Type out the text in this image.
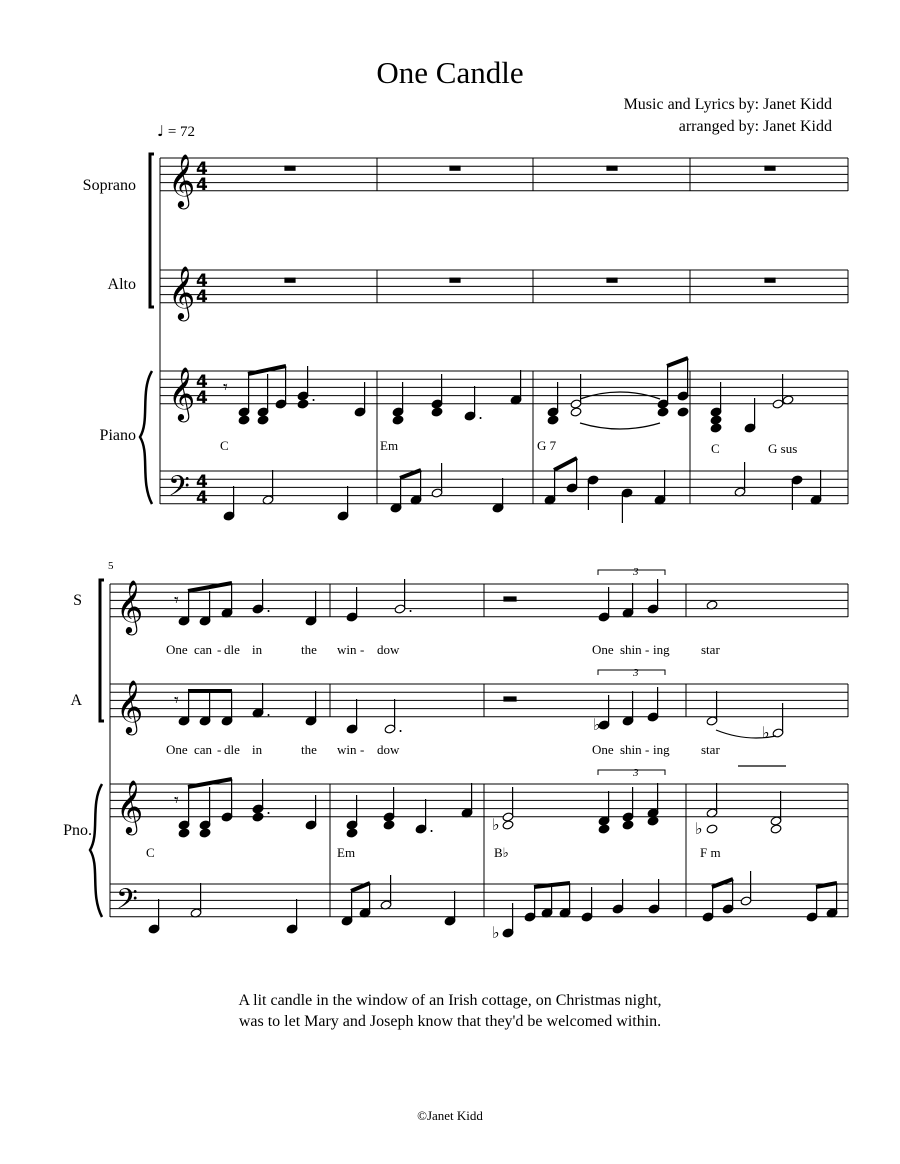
One Candle
Music and Lyrics by: Janet Kidd
arranged by: Janet Kidd
♩ = 72
Soprano
Alto
Piano
C	Em	G 7	C	G sus
5
S
A
Pno.
One can - dle in	the win - dow	One shin - ing star
One can - dle in	the win - dow	One shin - ing star
3
3
3
C	Em	B♭	F m
A lit candle in the window of an Irish cottage, on Christmas night,
was to let Mary and Joseph know that they'd be welcomed within.
©Janet Kidd
𝄞
𝄞
𝄞
𝄢
𝄞
𝄞
𝄞
𝄢
4
4
4
4
4
4
4
4
𝄾	.
.
𝄾	.	.
𝄾	.
.	♭	♭
𝄾	.
.	♭	♭
♭
